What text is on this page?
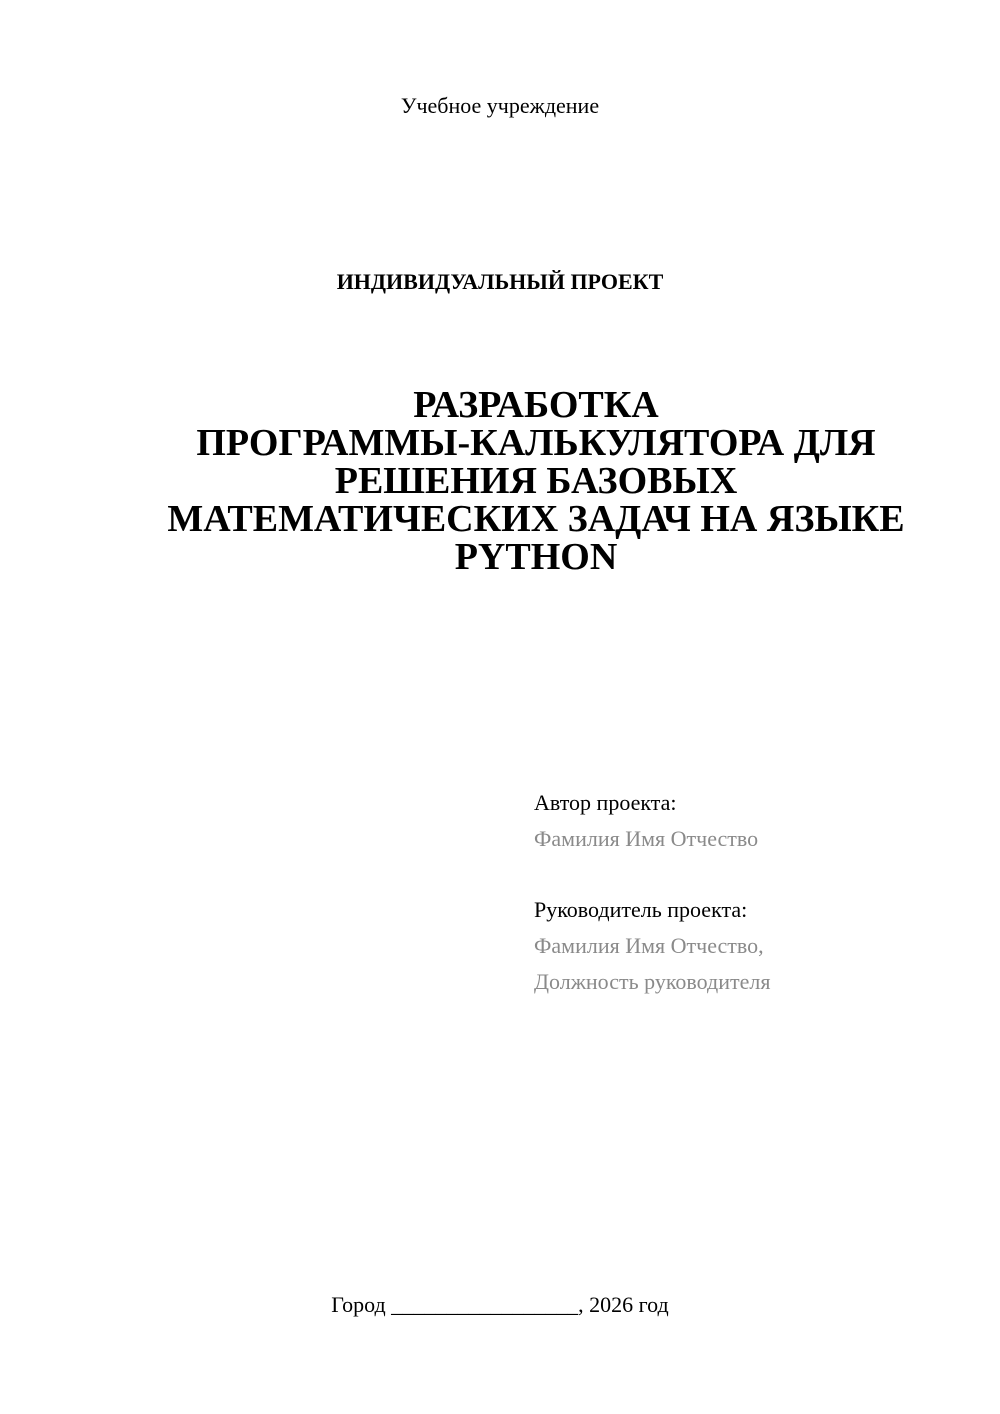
Учебное учреждение
ИНДИВИДУАЛЬНЫЙ ПРОЕКТ
РАЗРАБОТКА
ПРОГРАММЫ-КАЛЬКУЛЯТОРА ДЛЯ
РЕШЕНИЯ БАЗОВЫХ
МАТЕМАТИЧЕСКИХ ЗАДАЧ НА ЯЗЫКЕ
PYTHON
Автор проекта:
Фамилия Имя Отчество
Руководитель проекта:
Фамилия Имя Отчество,
Должность руководителя
Город _________________, 2026 год
